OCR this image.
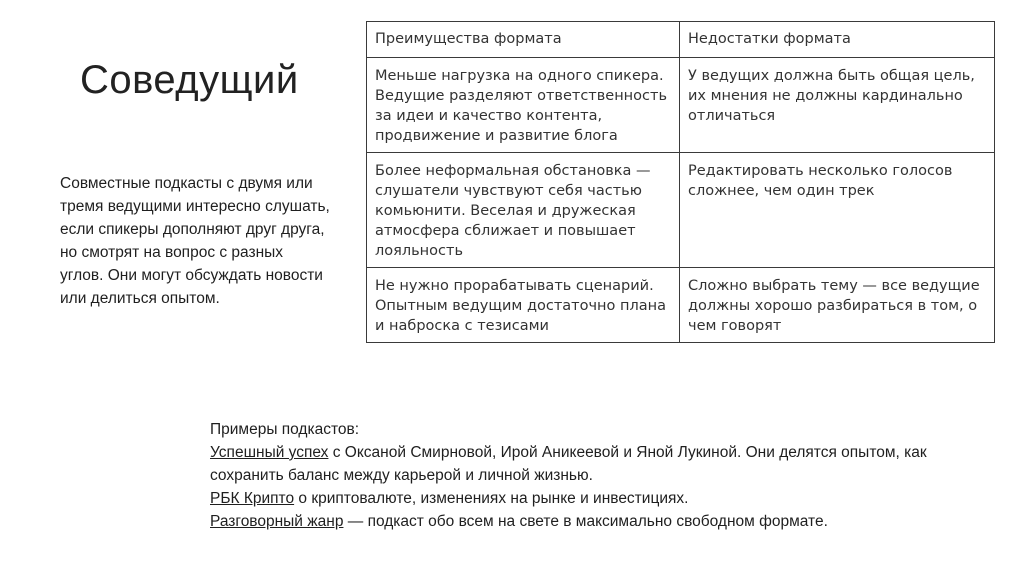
Соведущий

Совместные подкасты с двумя или тремя ведущими интересно слушать, если спикеры дополняют друг друга, но смотрят на вопрос с разных углов. Они могут обсуждать новости или делиться опытом.

Преимущества формата	Недостатки формата
Меньше нагрузка на одного спикера. Ведущие разделяют ответственность за идеи и качество контента, продвижение и развитие блога	У ведущих должна быть общая цель, их мнения не должны кардинально отличаться
Более неформальная обстановка — слушатели чувствуют себя частью комьюнити. Веселая и дружеская атмосфера сближает и повышает лояльность	Редактировать несколько голосов сложнее, чем один трек
Не нужно прорабатывать сценарий. Опытным ведущим достаточно плана и наброска с тезисами	Сложно выбрать тему — все ведущие должны хорошо разбираться в том, о чем говорят

Примеры подкастов:

Успешный успех с Оксаной Смирновой, Ирой Аникеевой и Яной Лукиной. Они делятся опытом, как сохранить баланс между карьерой и личной жизнью.

РБК Крипто о криптовалюте, изменениях на рынке и инвестициях.

Разговорный жанр — подкаст обо всем на свете в максимально свободном формате.
